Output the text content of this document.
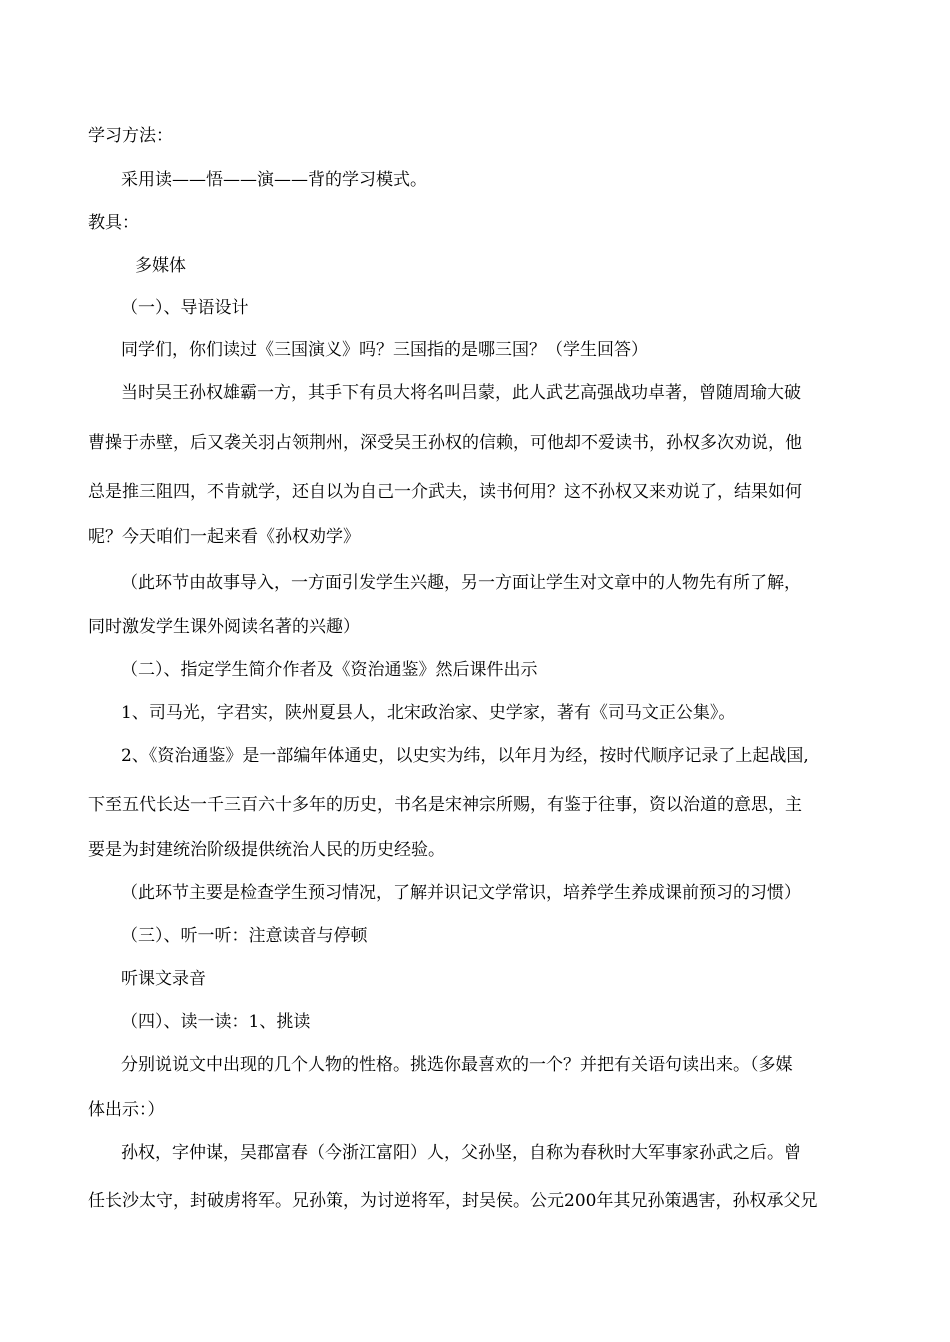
学习方法：
采用读——悟——演——背的学习模式。
教具：
多媒体
（一）、导语设计
同学们，你们读过《三国演义》吗？三国指的是哪三国？（学生回答）
当时吴王孙权雄霸一方，其手下有员大将名叫吕蒙，此人武艺高强战功卓著，曾随周瑜大破
曹操于赤壁，后又袭关羽占领荆州，深受吴王孙权的信赖，可他却不爱读书，孙权多次劝说，他
总是推三阻四，不肯就学，还自以为自己一介武夫，读书何用？这不孙权又来劝说了，结果如何
呢？今天咱们一起来看《孙权劝学》
（此环节由故事导入，一方面引发学生兴趣，另一方面让学生对文章中的人物先有所了解，
同时激发学生课外阅读名著的兴趣）
（二）、指定学生简介作者及《资治通鉴》然后课件出示
1、司马光，字君实，陕州夏县人，北宋政治家、史学家，著有《司马文正公集》。
2、《资治通鉴》是一部编年体通史，以史实为纬，以年月为经，按时代顺序记录了上起战国,
下至五代长达一千三百六十多年的历史，书名是宋神宗所赐，有鉴于往事，资以治道的意思，主
要是为封建统治阶级提供统治人民的历史经验。
（此环节主要是检查学生预习情况，了解并识记文学常识，培养学生养成课前预习的习惯）
（三）、听一听：注意读音与停顿
听课文录音
（四）、读一读：1、挑读
分别说说文中出现的几个人物的性格。挑选你最喜欢的一个？并把有关语句读出来。（多媒
体出示：）
孙权，字仲谋，吴郡富春（今浙江富阳）人，父孙坚，自称为春秋时大军事家孙武之后。曾
任长沙太守，封破虏将军。兄孙策，为讨逆将军，封吴侯。公元200年其兄孙策遇害，孙权承父兄
